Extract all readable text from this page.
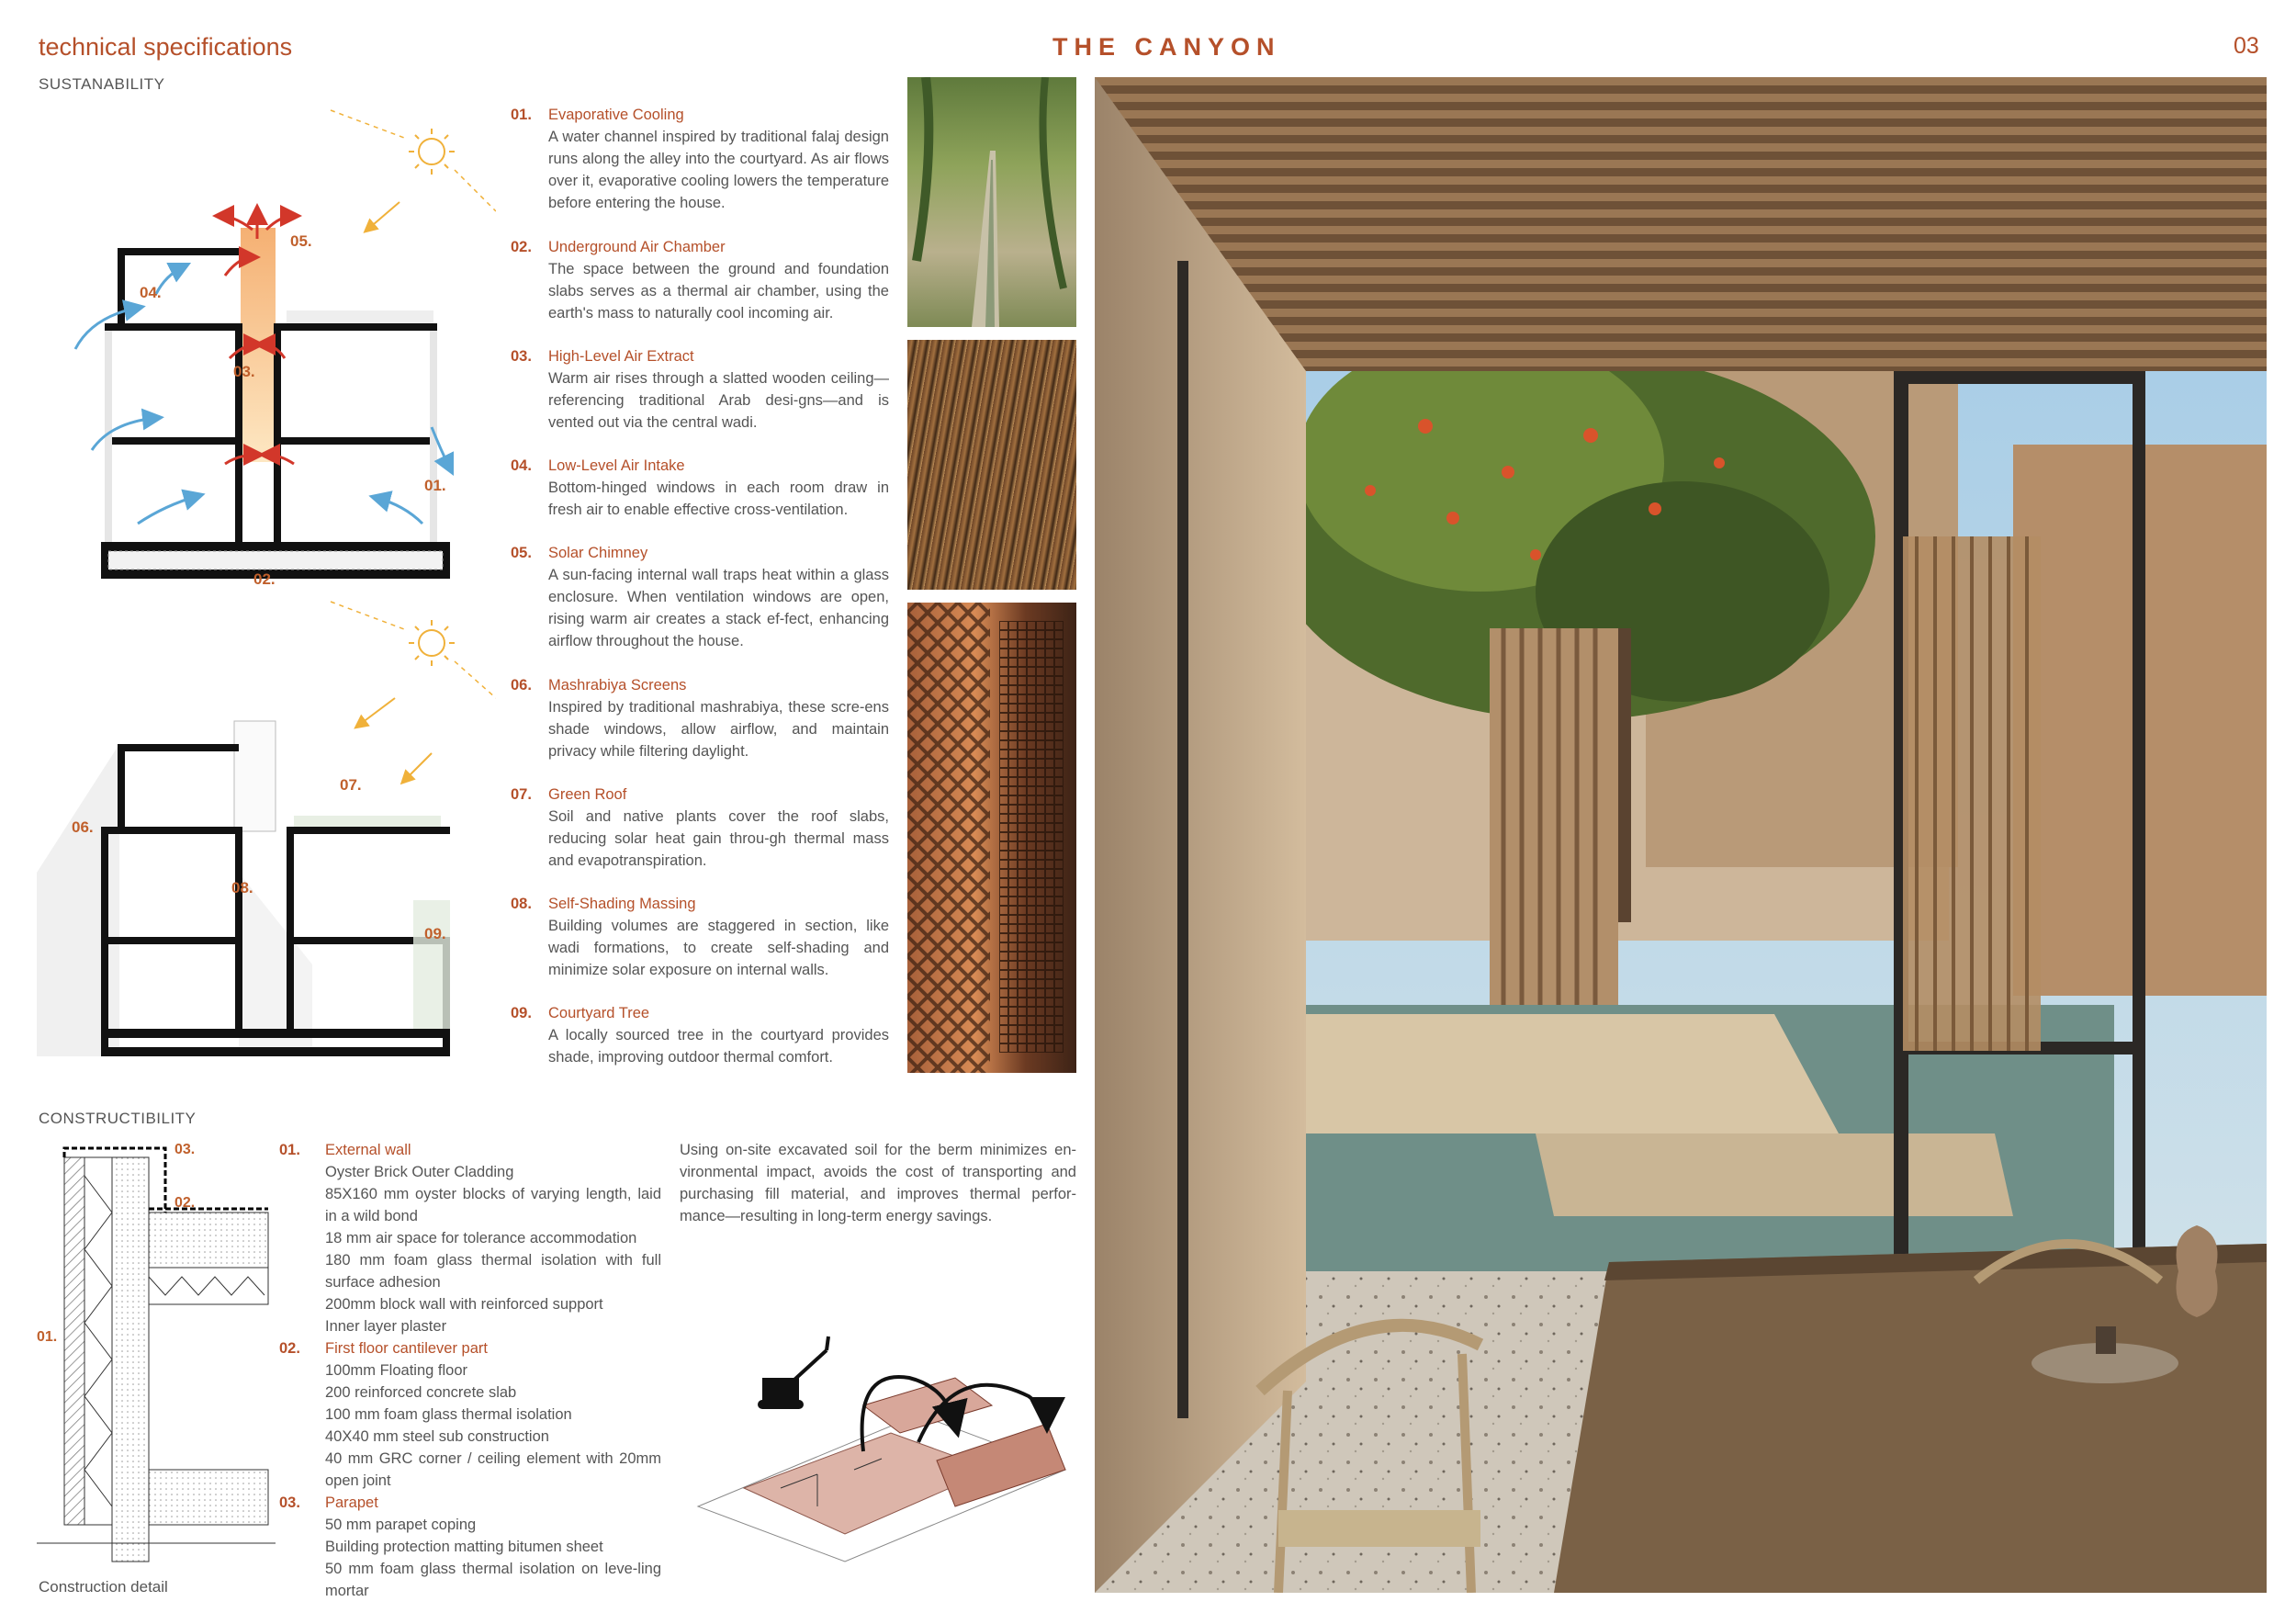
technical specifications	THE CANYON	03
SUSTANABILITY
05.
04.
03.
01.
02.
07.
06.
08.
09.
01.	Evaporative Cooling
A water channel inspired by traditional falaj design runs along the alley into the courtyard. As air flows over it, evaporative cooling lowers the temperature before entering the house.
02.	Underground Air Chamber
The space between the ground and foundation slabs serves as a thermal air chamber, using the earth's mass to naturally cool incoming air.
03.	High-Level Air Extract
Warm air rises through a slatted wooden ceiling—referencing traditional Arab desi-gns—and is vented out via the central wadi.
04.	Low-Level Air Intake
Bottom-hinged windows in each room draw in fresh air to enable effective cross-ventilation.
05.	Solar Chimney
A sun-facing internal wall traps heat within a glass enclosure. When ventilation windows are open, rising warm air creates a stack ef-fect, enhancing airflow throughout the house.
06.	Mashrabiya Screens
Inspired by traditional mashrabiya, these scre-ens shade windows, allow airflow, and maintain privacy while filtering daylight.
07.	Green Roof
Soil and native plants cover the roof slabs, reducing solar heat gain throu-gh thermal mass and evapotranspiration.
08.	Self-Shading Massing
Building volumes are staggered in section, like wadi formations, to create self-shading and minimize solar exposure on internal walls.
09.	Courtyard Tree
A locally sourced tree in the courtyard provides shade, improving outdoor thermal comfort.
CONSTRUCTIBILITY
03.
02.
01.
01.	External wall
Oyster Brick Outer Cladding
85X160 mm oyster blocks of varying length, laid in a wild bond
18 mm air space for tolerance accommodation
180 mm foam glass thermal isolation with full surface adhesion
200mm block wall with reinforced support
Inner layer plaster
02.	First floor cantilever part
100mm Floating floor
200 reinforced concrete slab
100 mm foam glass thermal isolation
40X40 mm steel sub construction
40 mm GRC corner / ceiling element with 20mm open joint
03.	Parapet
50 mm parapet coping
Building protection matting bitumen sheet
50 mm foam glass thermal isolation on leve-ling mortar
Using on-site excavated soil for the berm minimizes en-vironmental impact, avoids the cost of transporting and purchasing fill material, and improves thermal perfor-mance—resulting in long-term energy savings.
Construction detail
